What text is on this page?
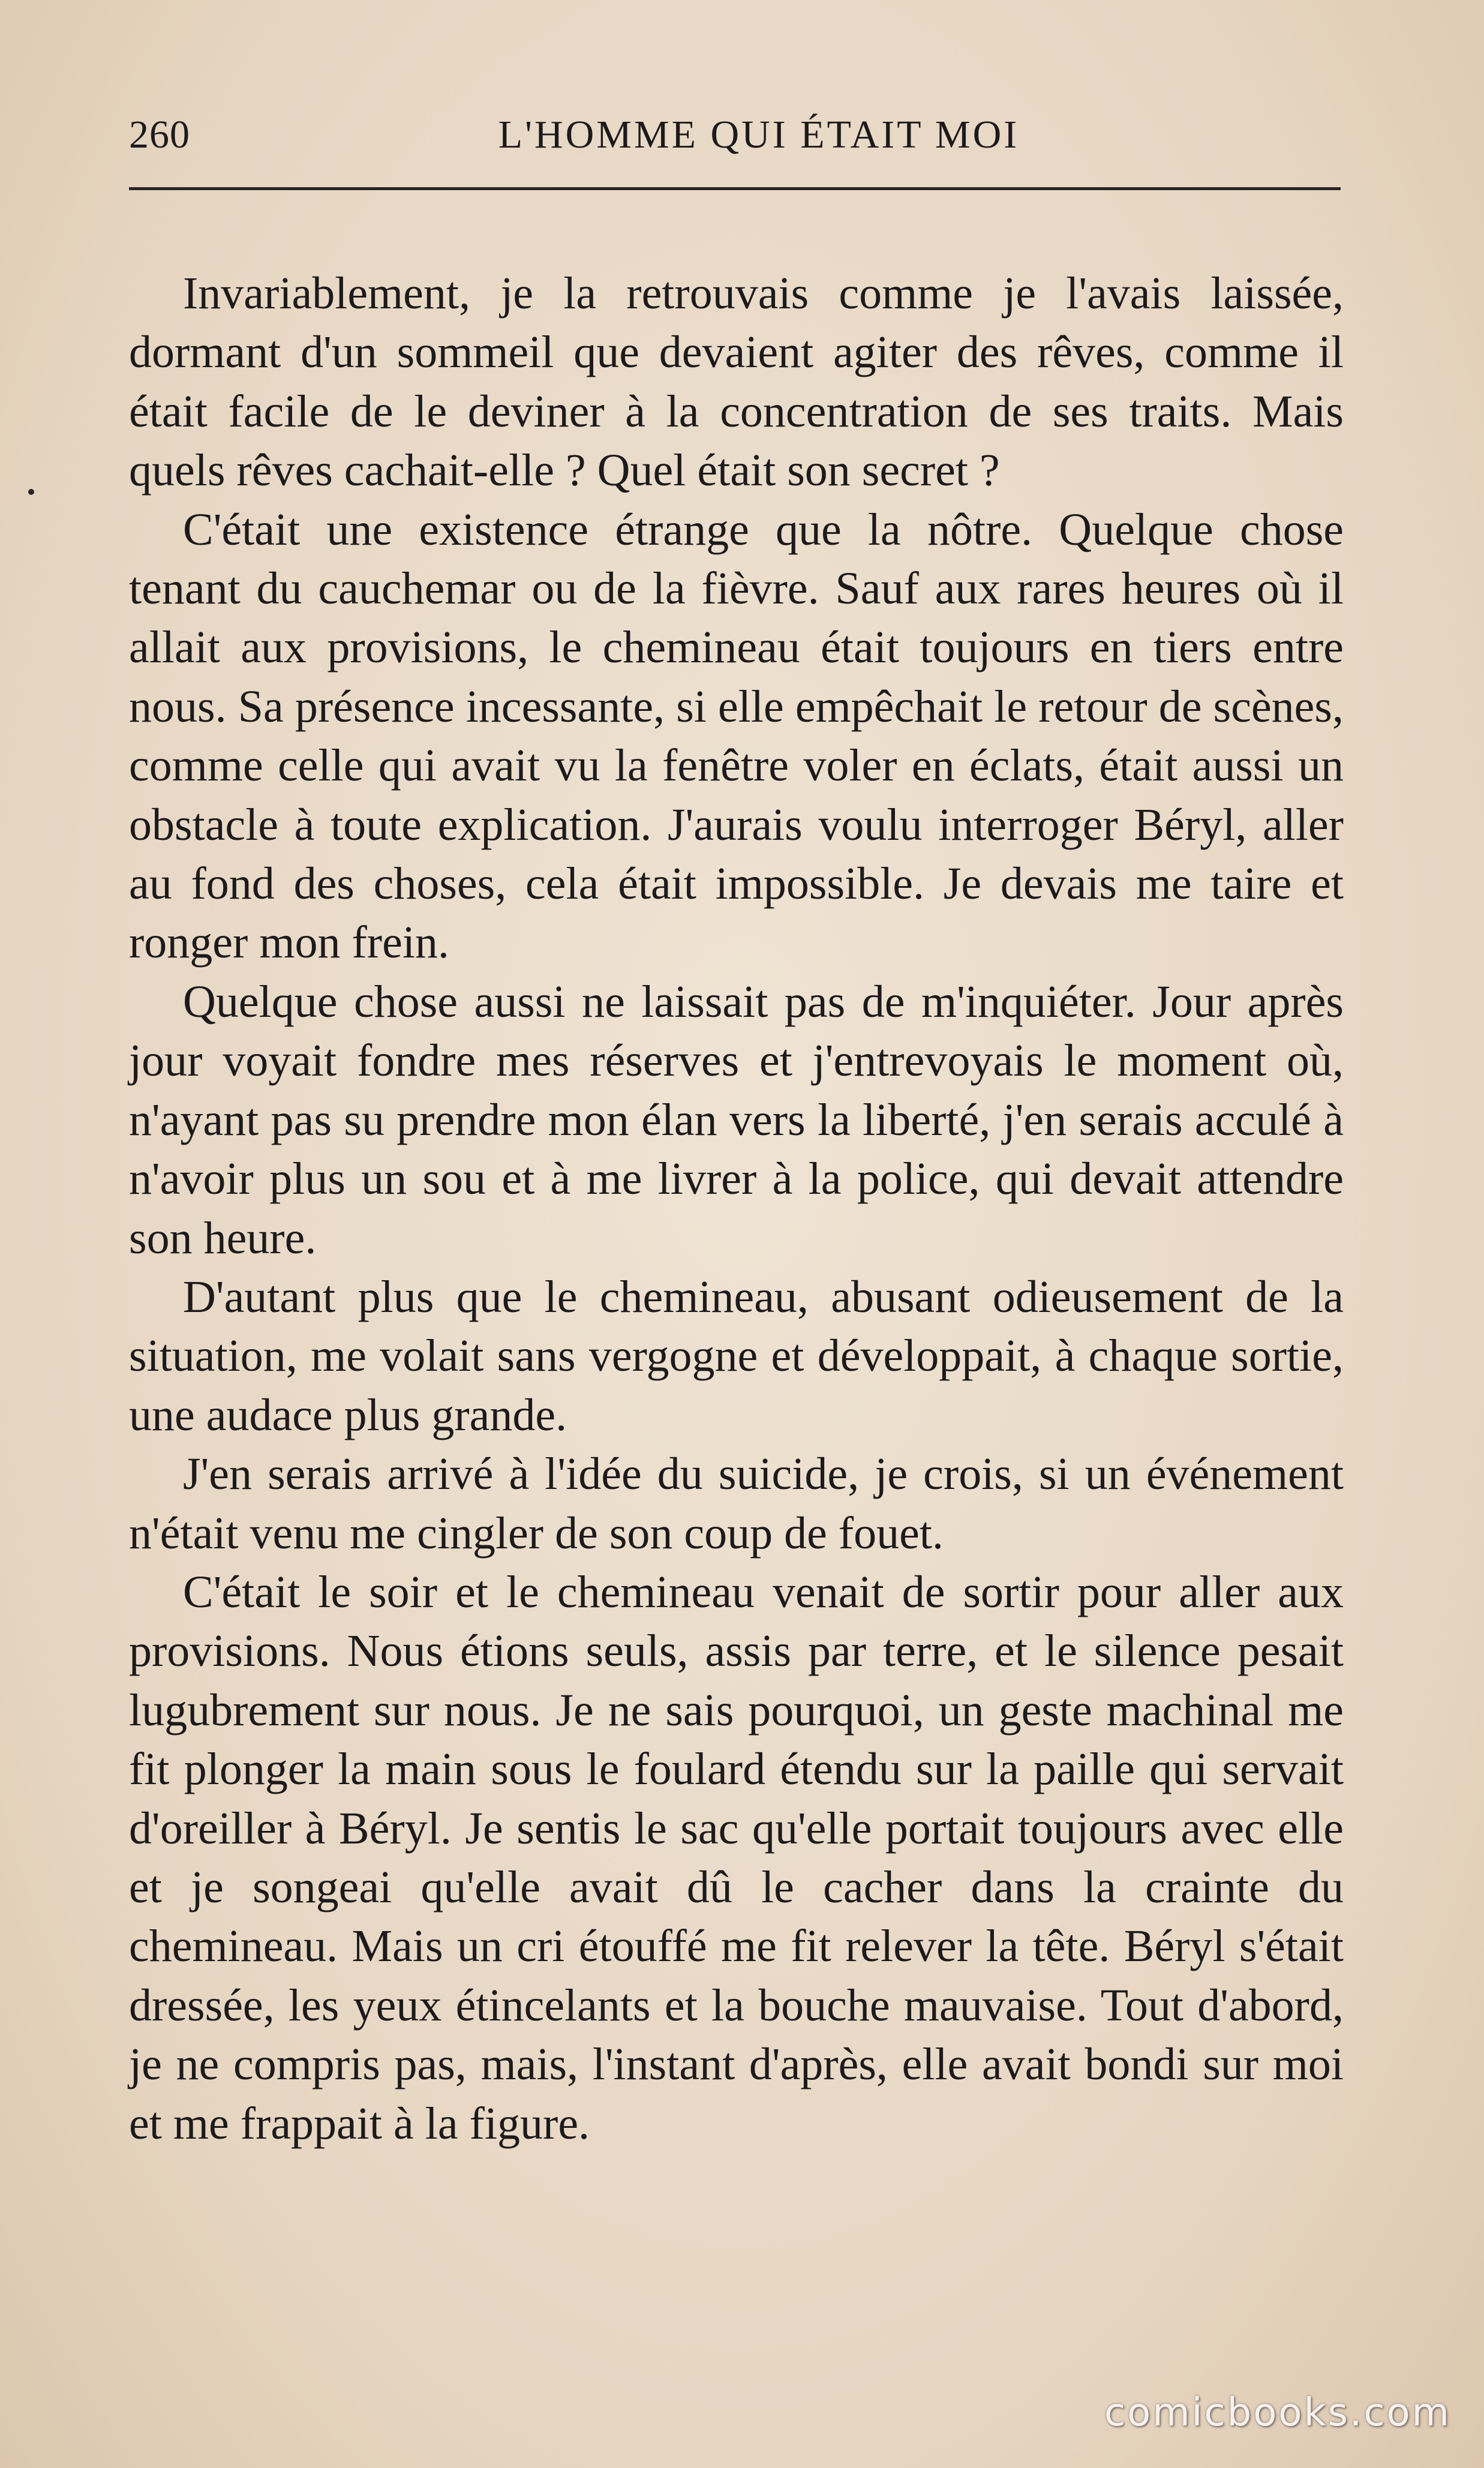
260	L'HOMME QUI ÉTAIT MOI

Invariablement, je la retrouvais comme je l'avais laissée, dormant d'un sommeil que devaient agiter des rêves, comme il était facile de le deviner à la concentration de ses traits. Mais quels rêves cachait-elle ? Quel était son secret ?

C'était une existence étrange que la nôtre. Quelque chose tenant du cauchemar ou de la fièvre. Sauf aux rares heures où il allait aux provisions, le chemineau était toujours en tiers entre nous. Sa présence incessante, si elle empêchait le retour de scènes, comme celle qui avait vu la fenêtre voler en éclats, était aussi un obstacle à toute explication. J'aurais voulu interroger Béryl, aller au fond des choses, cela était impossible. Je devais me taire et ronger mon frein.

Quelque chose aussi ne laissait pas de m'inquiéter. Jour après jour voyait fondre mes réserves et j'entrevoyais le moment où, n'ayant pas su prendre mon élan vers la liberté, j'en serais acculé à n'avoir plus un sou et à me livrer à la police, qui devait attendre son heure.

D'autant plus que le chemineau, abusant odieusement de la situation, me volait sans vergogne et développait, à chaque sortie, une audace plus grande.

J'en serais arrivé à l'idée du suicide, je crois, si un événement n'était venu me cingler de son coup de fouet.

C'était le soir et le chemineau venait de sortir pour aller aux provisions. Nous étions seuls, assis par terre, et le silence pesait lugubrement sur nous. Je ne sais pourquoi, un geste machinal me fit plonger la main sous le foulard étendu sur la paille qui servait d'oreiller à Béryl. Je sentis le sac qu'elle portait toujours avec elle et je songeai qu'elle avait dû le cacher dans la crainte du chemineau. Mais un cri étouffé me fit relever la tête. Béryl s'était dressée, les yeux étincelants et la bouche mauvaise. Tout d'abord, je ne compris pas, mais, l'instant d'après, elle avait bondi sur moi et me frappait à la figure.

comicbooks.com
